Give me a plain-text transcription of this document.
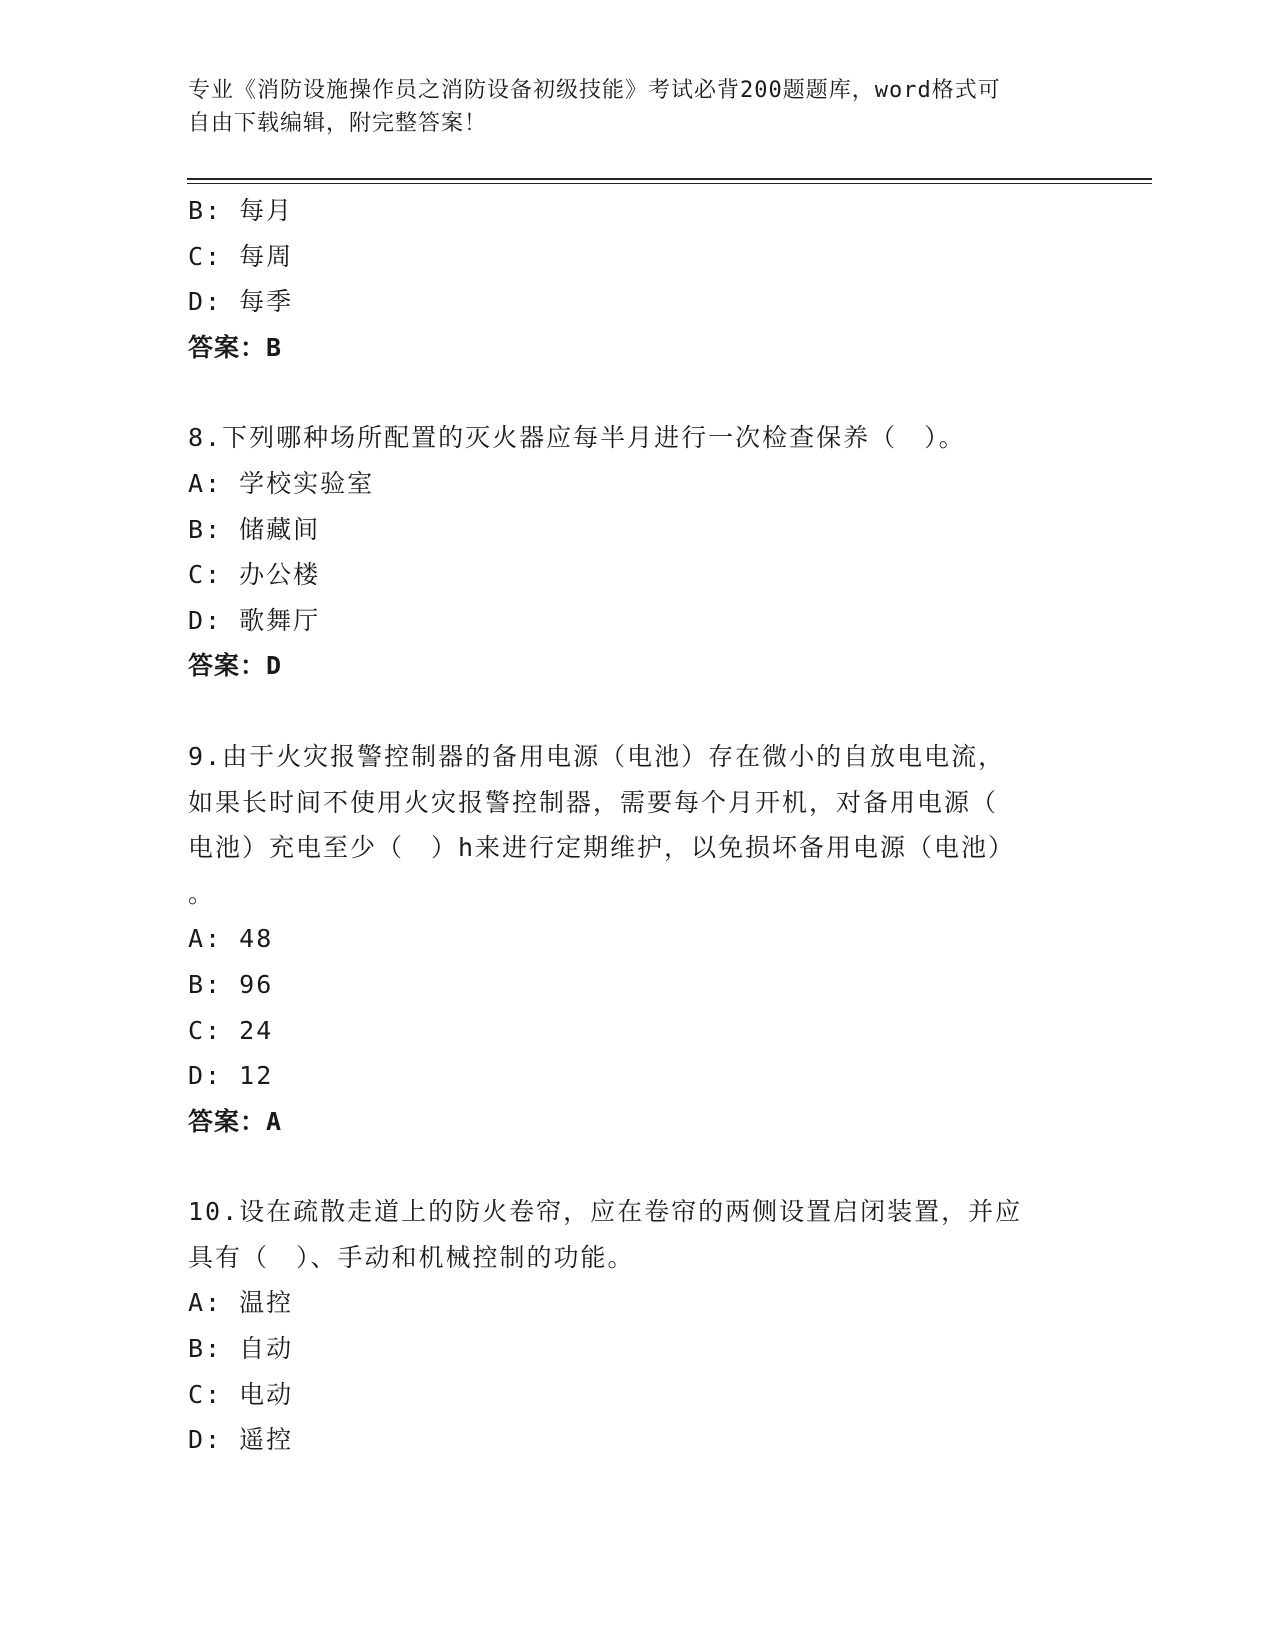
专业《消防设施操作员之消防设备初级技能》考试必背200题题库，word格式可
自由下载编辑，附完整答案！
B: 每月
C: 每周
D: 每季
答案：B
8.下列哪种场所配置的灭火器应每半月进行一次检查保养（　）。
A: 学校实验室
B: 储藏间
C: 办公楼
D: 歌舞厅
答案：D
9.由于火灾报警控制器的备用电源（电池）存在微小的自放电电流，
如果长时间不使用火灾报警控制器，需要每个月开机，对备用电源（
电池）充电至少（　）h来进行定期维护，以免损坏备用电源（电池）
。
A: 48
B: 96
C: 24
D: 12
答案：A
10.设在疏散走道上的防火卷帘，应在卷帘的两侧设置启闭装置，并应
具有（　）、手动和机械控制的功能。
A: 温控
B: 自动
C: 电动
D: 遥控
